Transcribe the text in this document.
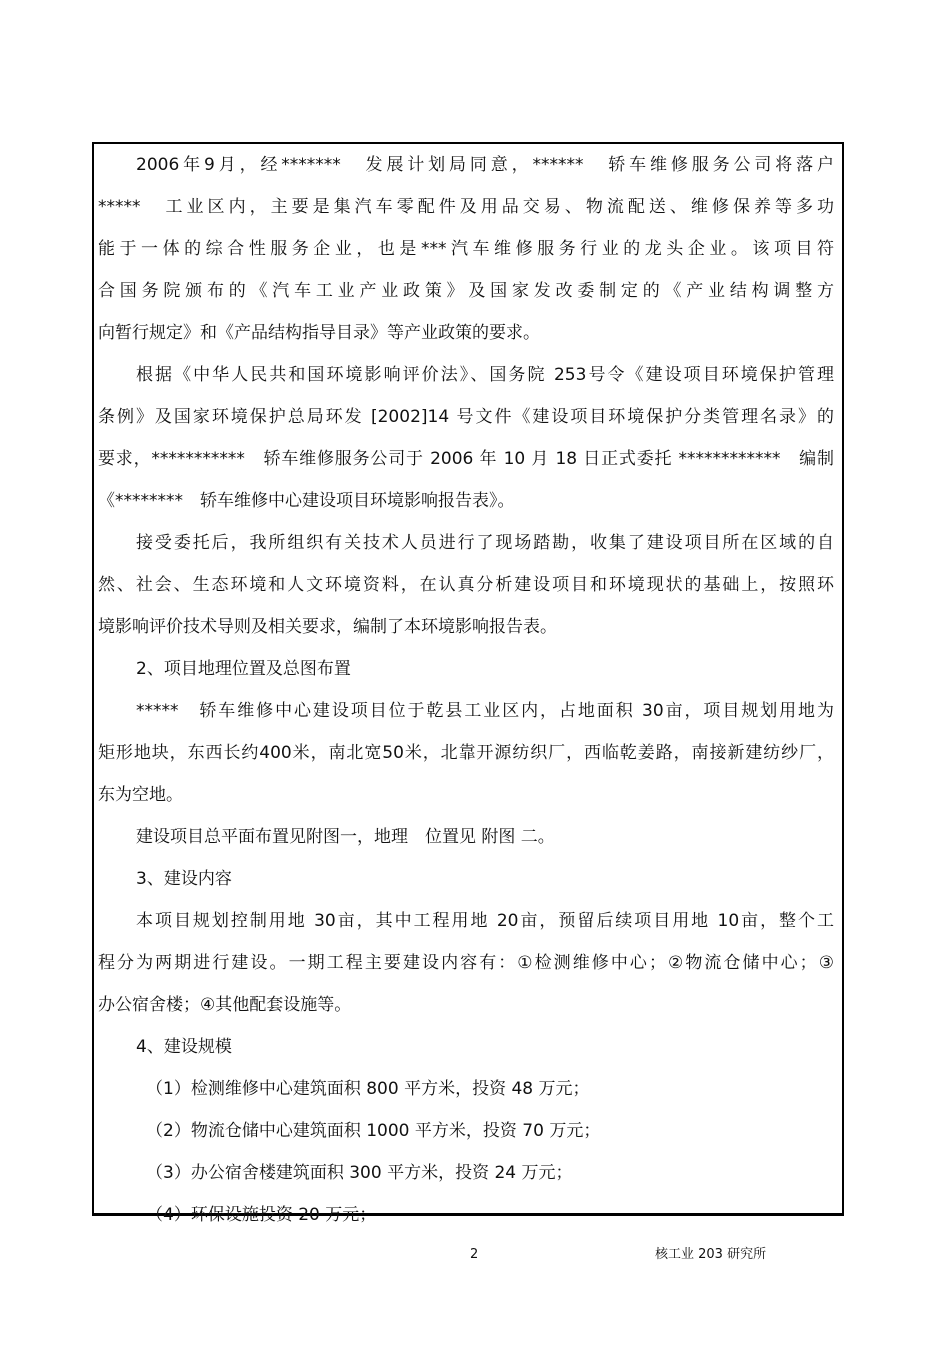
2006年9月，经*******　发展计划局同意，******　轿车维修服务公司将落户
*****　工业区内，主要是集汽车零配件及用品交易、物流配送、维修保养等多功
能于一体的综合性服务企业，也是***汽车维修服务行业的龙头企业。该项目符
合国务院颁布的《汽车工业产业政策》及国家发改委制定的《产业结构调整方
向暂行规定》和《产品结构指导目录》等产业政策的要求。
根据《中华人民共和国环境影响评价法》、国务院 253号令《建设项目环境保护管理
条例》及国家环境保护总局环发 [2002]14 号文件《建设项目环境保护分类管理名录》的
要求，***********　轿车维修服务公司于 2006 年 10 月 18 日正式委托 ************　编制
《********　轿车维修中心建设项目环境影响报告表》。
接受委托后，我所组织有关技术人员进行了现场踏勘，收集了建设项目所在区域的自
然、社会、生态环境和人文环境资料，在认真分析建设项目和环境现状的基础上，按照环
境影响评价技术导则及相关要求，编制了本环境影响报告表。
2、项目地理位置及总图布置
*****　轿车维修中心建设项目位于乾县工业区内，占地面积 30亩，项目规划用地为
矩形地块，东西长约400米，南北宽50米，北靠开源纺织厂，西临乾姜路，南接新建纺纱厂，
东为空地。
建设项目总平面布置见附图一，地理　位置见 附图 二。
3、建设内容
本项目规划控制用地 30亩，其中工程用地 20亩，预留后续项目用地 10亩，整个工
程分为两期进行建设。一期工程主要建设内容有：①检测维修中心；②物流仓储中心；③
办公宿舍楼；④其他配套设施等。
4、建设规模
（1）检测维修中心建筑面积 800 平方米，投资 48 万元；
（2）物流仓储中心建筑面积 1000 平方米，投资 70 万元；
（3）办公宿舍楼建筑面积 300 平方米，投资 24 万元；
（4）环保设施投资 20 万元；
2	核工业 203 研究所
